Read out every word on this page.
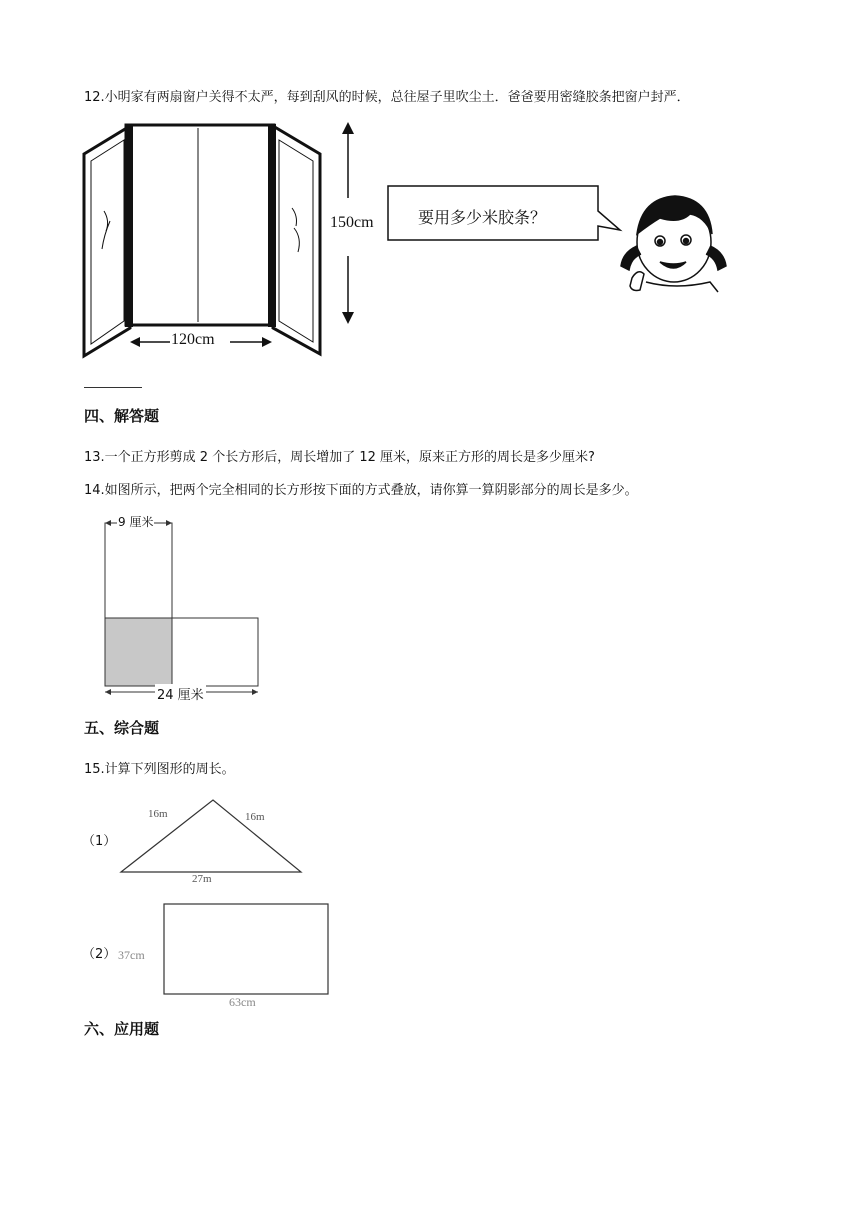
12.小明家有两扇窗户关得不太严，每到刮风的时候，总往屋子里吹尘土．爸爸要用密缝胶条把窗户封严．
150cm
120cm
要用多少米胶条？
四、解答题
13.一个正方形剪成 2 个长方形后，周长增加了 12 厘米，原来正方形的周长是多少厘米?
14.如图所示，把两个完全相同的长方形按下面的方式叠放，请你算一算阴影部分的周长是多少。
9 厘米
24 厘米
五、综合题
15.计算下列图形的周长。
（1）
16m	16m
27m
（2） 37cm
63cm
六、应用题
